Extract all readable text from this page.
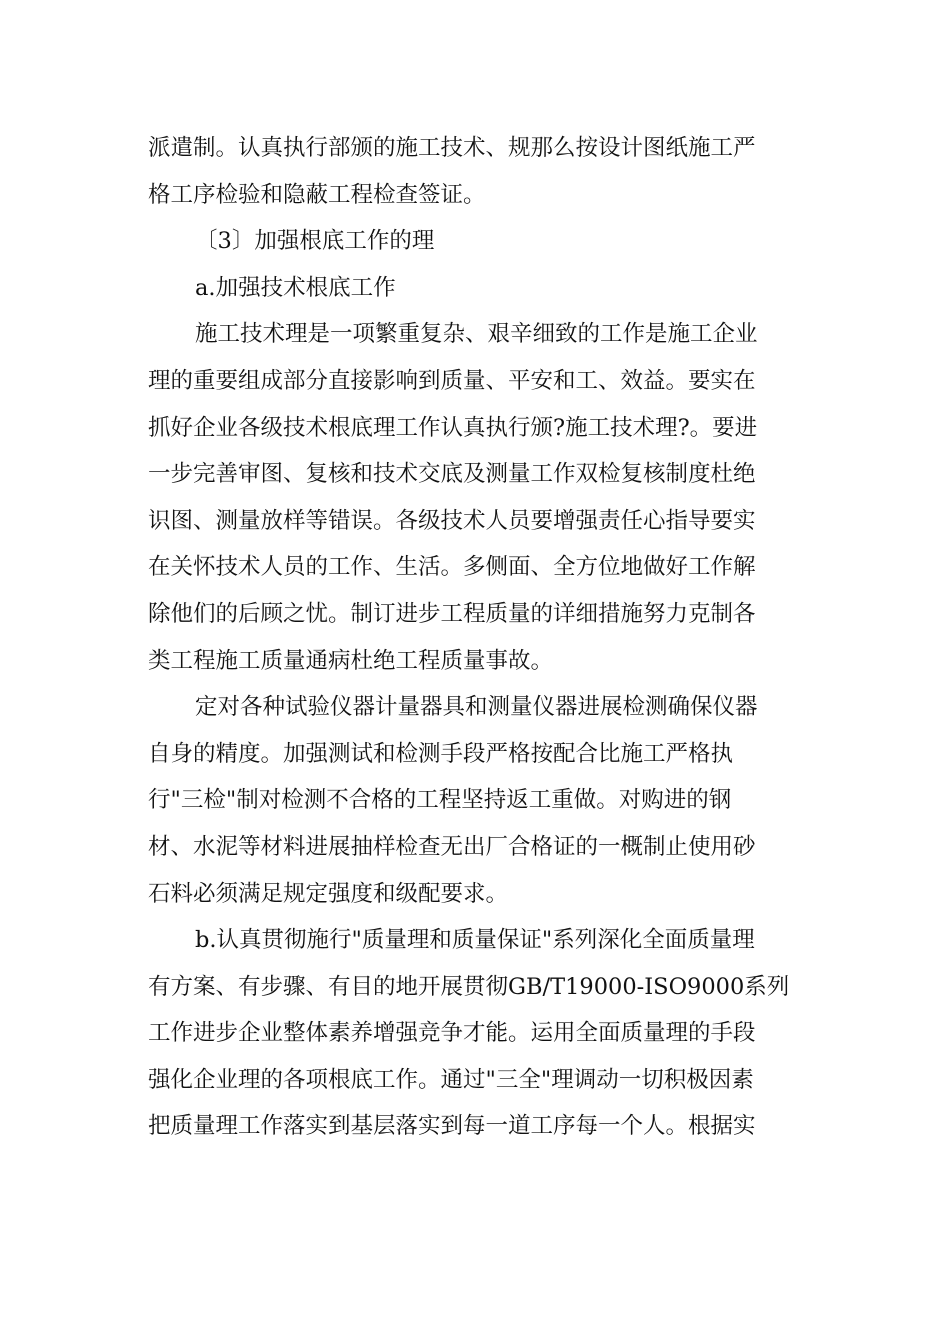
派遣制。认真执行部颁的施工技术、规那么按设计图纸施工严
格工序检验和隐蔽工程检查签证。

〔3〕加强根底工作的理

a.加强技术根底工作

施工技术理是一项繁重复杂、艰辛细致的工作是施工企业
理的重要组成部分直接影响到质量、平安和工、效益。要实在
抓好企业各级技术根底理工作认真执行颁?施工技术理?。要进
一步完善审图、复核和技术交底及测量工作双检复核制度杜绝
识图、测量放样等错误。各级技术人员要增强责任心指导要实
在关怀技术人员的工作、生活。多侧面、全方位地做好工作解
除他们的后顾之忧。制订进步工程质量的详细措施努力克制各
类工程施工质量通病杜绝工程质量事故。

定对各种试验仪器计量器具和测量仪器进展检测确保仪器
自身的精度。加强测试和检测手段严格按配合比施工严格执
行"三检"制对检测不合格的工程坚持返工重做。对购进的钢
材、水泥等材料进展抽样检查无出厂合格证的一概制止使用砂
石料必须满足规定强度和级配要求。

b.认真贯彻施行"质量理和质量保证"系列深化全面质量理
有方案、有步骤、有目的地开展贯彻GB/T19000-ISO9000系列
工作进步企业整体素养增强竞争才能。运用全面质量理的手段
强化企业理的各项根底工作。通过"三全"理调动一切积极因素
把质量理工作落实到基层落实到每一道工序每一个人。根据实
